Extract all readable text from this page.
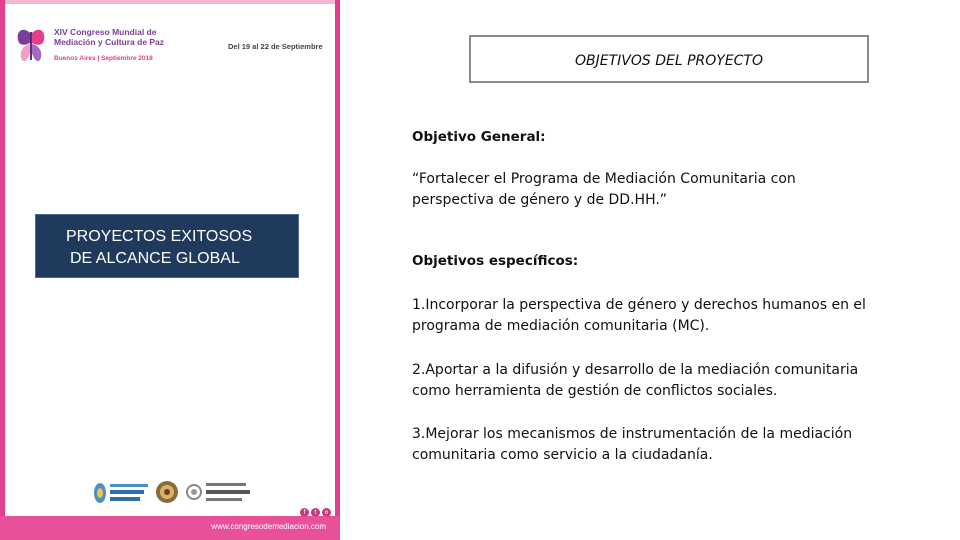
XIV Congreso Mundial de
Mediación y Cultura de Paz
Buenos Aires | Septiembre 2018
Del 19 al 22 de Septiembre
PROYECTOS EXITOSOS
DE ALCANCE GLOBAL
f t o
www.congresodemediacion.com
OBJETIVOS DEL PROYECTO

Objetivo General:

“Fortalecer el Programa de Mediación Comunitaria con perspectiva de género y de DD.HH.”

Objetivos específicos:

1.Incorporar la perspectiva de género y derechos humanos en el programa de mediación comunitaria (MC).

2.Aportar a la difusión y desarrollo de la mediación comunitaria como herramienta de gestión de conflictos sociales.

3.Mejorar los mecanismos de instrumentación de la mediación comunitaria como servicio a la ciudadanía.
